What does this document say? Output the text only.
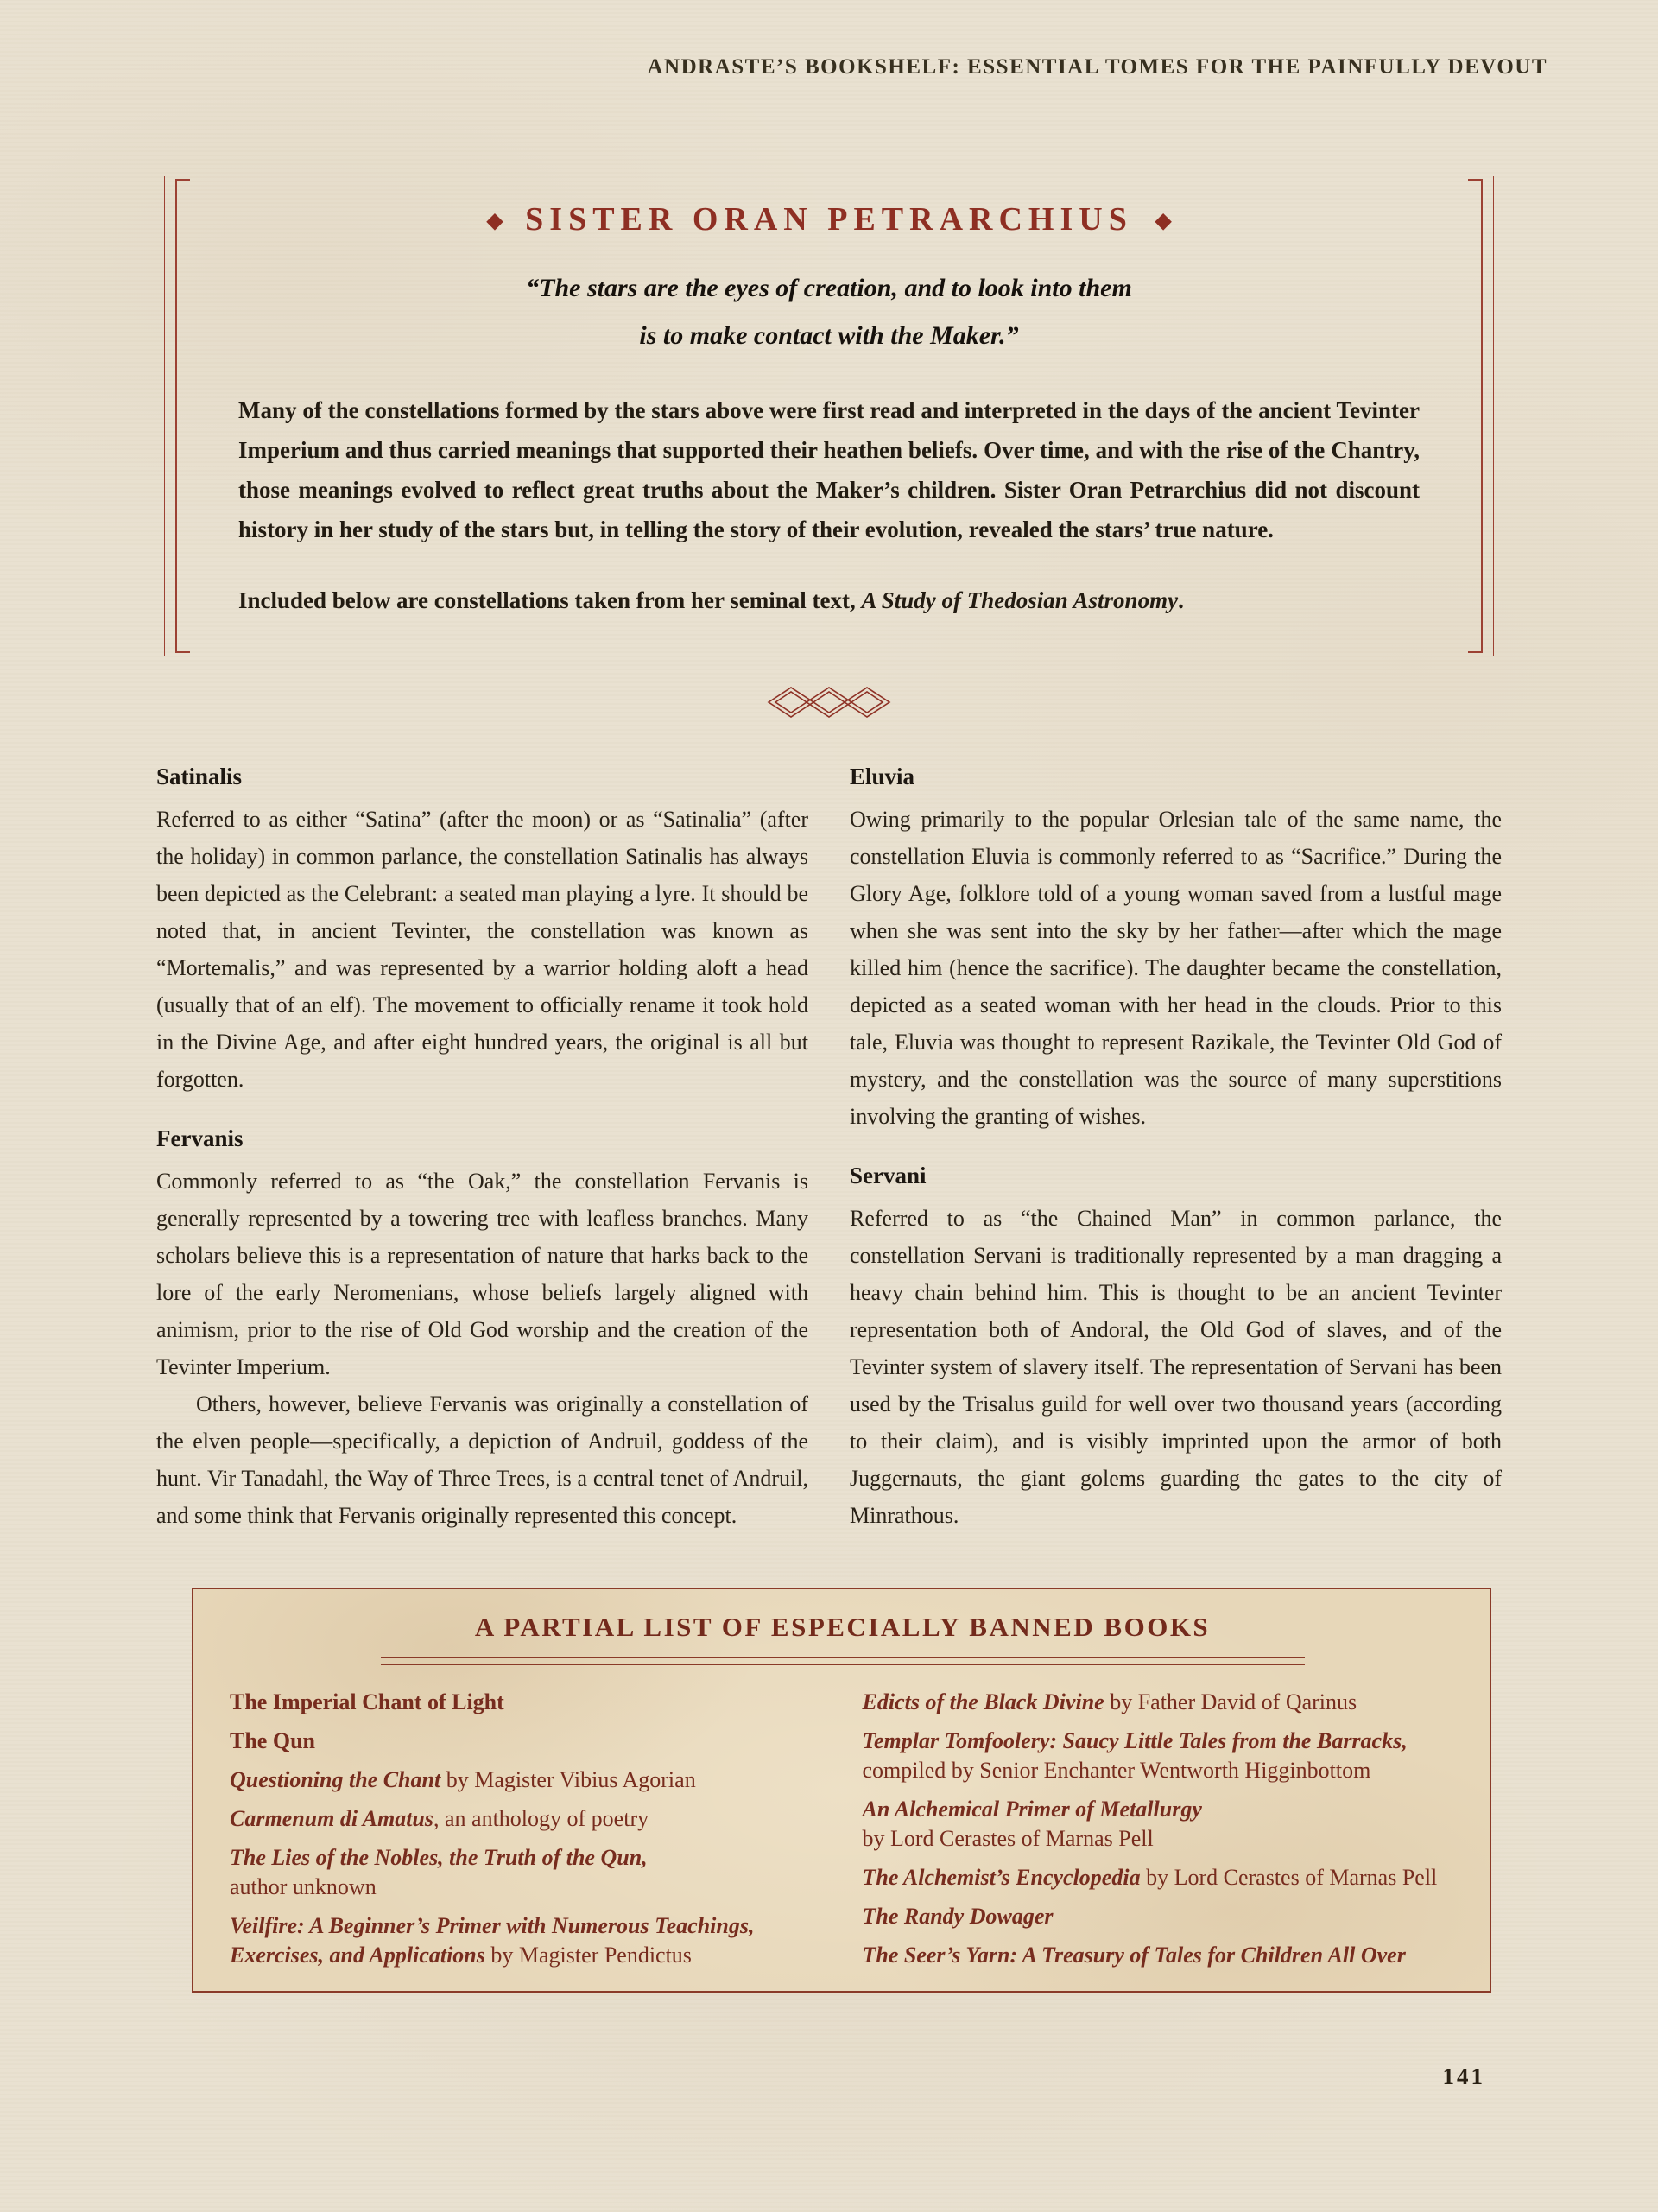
ANDRASTE’S BOOKSHELF: ESSENTIAL TOMES FOR THE PAINFULLY DEVOUT
◆ SISTER ORAN PETRARCHIUS ◆
“The stars are the eyes of creation, and to look into them
is to make contact with the Maker.”

Many of the constellations formed by the stars above were first read and interpreted in the days of the ancient Tevinter Imperium and thus carried meanings that supported their heathen beliefs. Over time, and with the rise of the Chantry, those meanings evolved to reflect great truths about the Maker’s children. Sister Oran Petrarchius did not discount history in her study of the stars but, in telling the story of their evolution, revealed the stars’ true nature.

Included below are constellations taken from her seminal text, A Study of Thedosian Astronomy.

Satinalis

Referred to as either “Satina” (after the moon) or as “Satinalia” (after the holiday) in common parlance, the constellation Satinalis has always been depicted as the Celebrant: a seated man playing a lyre. It should be noted that, in ancient Tevinter, the constellation was known as “Mortemalis,” and was represented by a warrior holding aloft a head (usually that of an elf). The movement to officially rename it took hold in the Divine Age, and after eight hundred years, the original is all but forgotten.

Fervanis

Commonly referred to as “the Oak,” the constellation Fervanis is generally represented by a towering tree with leafless branches. Many scholars believe this is a representation of nature that harks back to the lore of the early Neromenians, whose beliefs largely aligned with animism, prior to the rise of Old God worship and the creation of the Tevinter Imperium.

Others, however, believe Fervanis was originally a constellation of the elven people—specifically, a depiction of Andruil, goddess of the hunt. Vir Tanadahl, the Way of Three Trees, is a central tenet of Andruil, and some think that Fervanis originally represented this concept.

Eluvia

Owing primarily to the popular Orlesian tale of the same name, the constellation Eluvia is commonly referred to as “Sacrifice.” During the Glory Age, folklore told of a young woman saved from a lustful mage when she was sent into the sky by her father—after which the mage killed him (hence the sacrifice). The daughter became the constellation, depicted as a seated woman with her head in the clouds. Prior to this tale, Eluvia was thought to represent Razikale, the Tevinter Old God of mystery, and the constellation was the source of many superstitions involving the granting of wishes.

Servani

Referred to as “the Chained Man” in common parlance, the constellation Servani is traditionally represented by a man dragging a heavy chain behind him. This is thought to be an ancient Tevinter representation both of Andoral, the Old God of slaves, and of the Tevinter system of slavery itself. The representation of Servani has been used by the Trisalus guild for well over two thousand years (according to their claim), and is visibly imprinted upon the armor of both Juggernauts, the giant golems guarding the gates to the city of Minrathous.

A PARTIAL LIST OF ESPECIALLY BANNED BOOKS
The Imperial Chant of Light
The Qun
Questioning the Chant by Magister Vibius Agorian
Carmenum di Amatus, an anthology of poetry
The Lies of the Nobles, the Truth of the Qun,
author unknown
Veilfire: A Beginner’s Primer with Numerous Teachings, Exercises, and Applications by Magister Pendictus
Edicts of the Black Divine by Father David of Qarinus
Templar Tomfoolery: Saucy Little Tales from the Barracks,
compiled by Senior Enchanter Wentworth Higginbottom
An Alchemical Primer of Metallurgy
by Lord Cerastes of Marnas Pell
The Alchemist’s Encyclopedia by Lord Cerastes of Marnas Pell
The Randy Dowager
The Seer’s Yarn: A Treasury of Tales for Children All Over
141
